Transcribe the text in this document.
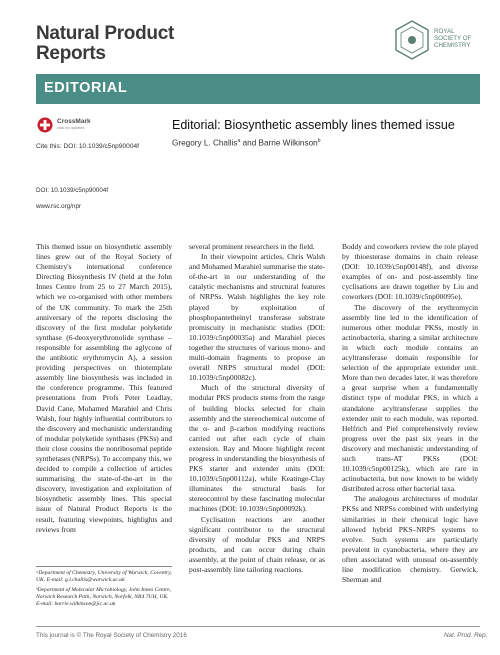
Natural Product
Reports
ROYAL SOCIETY OF CHEMISTRY
EDITORIAL
CrossMark
click for updates
Cite this: DOI: 10.1039/c5np90004f
Editorial: Biosynthetic assembly lines themed issue
Gregory L. Challis$^a$ and Barrie Wilkinson$^b$
DOI: 10.1039/c5np90004f
www.rsc.org/npr

This themed issue on biosynthetic assembly lines grew out of the Royal Society of Chemistry's international conference Directing Biosynthesis IV (held at the John Innes Centre from 25 to 27 March 2015), which we co-organised with other members of the UK community. To mark the 25th anniversary of the reports disclosing the discovery of the first modular polyketide synthase (6-deoxyerythronolide synthase – responsible for assembling the aglycone of the antibiotic erythromycin A), a session providing perspectives on thiotemplate assembly line biosynthesis was included in the conference programme. This featured presentations from Profs Peter Leadlay, David Cane, Mohamed Marahiel and Chris Walsh, four highly influential contributors to the discovery and mechanistic understanding of modular polyketide synthases (PKSs) and their close cousins the nonribosomal peptide synthetases (NRPSs). To accompany this, we decided to compile a collection of articles summarising the state-of-the-art in the discovery, investigation and exploitation of biosynthetic assembly lines. This special issue of Natural Product Reports is the result, featuring viewpoints, highlights and reviews from

several prominent researchers in the field.

In their viewpoint articles, Chris Walsh and Mohamed Marahiel summarise the state-of-the-art in our understanding of the catalytic mechanisms and structural features of NRPSs. Walsh highlights the key role played by exploitation of phosphopantetheinyl transferase substrate promiscuity in mechanistic studies (DOI: 10.1039/c5np00035a) and Marahiel pieces together the structures of various mono- and multi-domain fragments to propose an overall NRPS structural model (DOI: 10.1039/c5np00082c).

Much of the structural diversity of modular PKS products stems from the range of building blocks selected for chain assembly and the stereochemical outcome of the α- and β-carbon modifying reactions carried out after each cycle of chain extension. Ray and Moore highlight recent progress in understanding the biosynthesis of PKS starter and extender units (DOI: 10.1039/c5np00112a), while Keatinge-Clay illuminates the structural basis for stereocontrol by these fascinating molecular machines (DOI: 10.1039/c5np00092k).

Cyclisation reactions are another significant contributor to the structural diversity of modular PKS and NRPS products, and can occur during chain assembly, at the point of chain release, or as post-assembly line tailoring reactions.

Boddy and coworkers review the role played by thioesterase domains in chain release (DOI: 10.1039/c5np00148f), and diverse examples of on- and post-assembly line cyclisations are drawn together by Liu and coworkers (DOI: 10.1039/c5np00095e).

The discovery of the erythromycin assembly line led to the identification of numerous other modular PKSs, mostly in actinobacteria, sharing a similar architecture in which each module contains an acyltransferase domain responsible for selection of the appropriate extender unit. More than two decades later, it was therefore a great surprise when a fundamentally distinct type of modular PKS, in which a standalone acyltransferase supplies the extender unit to each module, was reported. Helfrich and Piel comprehensively review progress over the past six years in the discovery and mechanistic understanding of such trans-AT PKSs (DOI: 10.1039/c5np00125k), which are rare in actinobacteria, but now known to be widely distributed across other bacterial taxa.

The analogous architectures of modular PKSs and NRPSs combined with underlying similarities in their chemical logic have allowed hybrid PKS–NRPS systems to evolve. Such systems are particularly prevalent in cyanobacteria, where they are often associated with unusual on-assembly line modification chemistry. Gerwick, Sherman and

ᵃDepartment of Chemistry, University of Warwick, Coventry, UK. E-mail: g.l.challis@warwick.ac.uk

ᵇDepartment of Molecular Microbiology, John Innes Centre, Norwich Research Park, Norwich, Norfolk, NR4 7UH, UK. E-mail: barrie.wilkinson@jic.ac.uk

This journal is © The Royal Society of Chemistry 2016	Nat. Prod. Rep.
